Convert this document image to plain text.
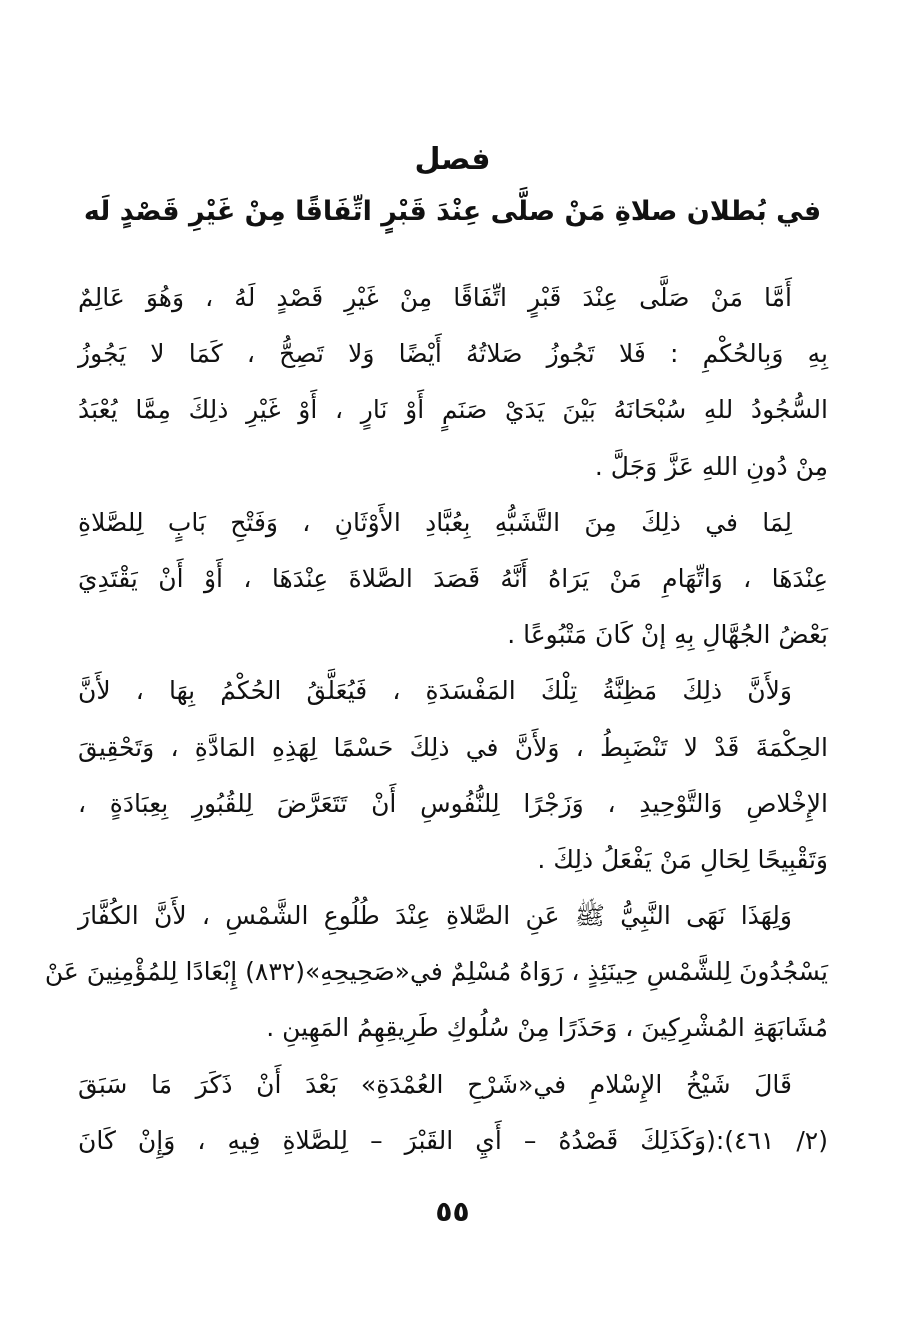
فصل
في بُطلان صلاةِ مَنْ صلَّى عِنْدَ قَبْرٍ اتِّفَاقًا مِنْ غَيْرِ قَصْدٍ لَه
أَمَّا مَنْ صَلَّى عِنْدَ قَبْرٍ اتِّفَاقًا مِنْ غَيْرِ قَصْدٍ لَهُ ، وَهُوَ عَالِمٌ
بِهِ وَبِالحُكْمِ : فَلا تَجُوزُ صَلاتُهُ أَيْضًا وَلا تَصِحُّ ، كَمَا لا يَجُوزُ
السُّجُودُ للهِ سُبْحَانَهُ بَيْنَ يَدَيْ صَنَمٍ أَوْ نَارٍ ، أَوْ غَيْرِ ذلِكَ مِمَّا يُعْبَدُ
مِنْ دُونِ اللهِ عَزَّ وَجَلَّ .
لِمَا في ذلِكَ مِنَ التَّشَبُّهِ بِعُبَّادِ الأَوْثَانِ ، وَفَتْحِ بَابٍ لِلصَّلاةِ
عِنْدَهَا ، وَاتِّهَامِ مَنْ يَرَاهُ أَنَّهُ قَصَدَ الصَّلاةَ عِنْدَهَا ، أَوْ أَنْ يَقْتَدِيَ
بَعْضُ الجُهَّالِ بِهِ إنْ كَانَ مَتْبُوعًا .
وَلأَنَّ ذلِكَ مَظِنَّةُ تِلْكَ المَفْسَدَةِ ، فَيُعَلَّقُ الحُكْمُ بِهَا ، لأَنَّ
الحِكْمَةَ قَدْ لا تَنْضَبِطُ ، وَلأَنَّ في ذلِكَ حَسْمًا لِهَذِهِ المَادَّةِ ، وَتَحْقِيقَ
الإِخْلاصِ وَالتَّوْحِيدِ ، وَزَجْرًا لِلنُّفُوسِ أَنْ تَتَعَرَّضَ لِلقُبُورِ بِعِبَادَةٍ ،
وَتَقْبِيحًا لِحَالِ مَنْ يَفْعَلُ ذلِكَ .
وَلِهَذَا نَهَى النَّبِيُّ ﷺ عَنِ الصَّلاةِ عِنْدَ طُلُوعِ الشَّمْسِ ، لأَنَّ الكُفَّارَ
يَسْجُدُونَ لِلشَّمْسِ حِينَئِذٍ ، رَوَاهُ مُسْلِمٌ في«صَحِيحِهِ»(٨٣٢) إِبْعَادًا لِلمُؤْمِنِينَ عَنْ
مُشَابَهَةِ المُشْرِكِينَ ، وَحَذَرًا مِنْ سُلُوكِ طَرِيقِهِمُ المَهِينِ .
قَالَ شَيْخُ الإِسْلامِ في«شَرْحِ العُمْدَةِ» بَعْدَ أَنْ ذَكَرَ مَا سَبَقَ
(٢/ ٤٦١):(وَكَذَلِكَ قَصْدُهُ – أَيِ القَبْرَ – لِلصَّلاةِ فِيهِ ، وَإِنْ كَانَ
٥٥
